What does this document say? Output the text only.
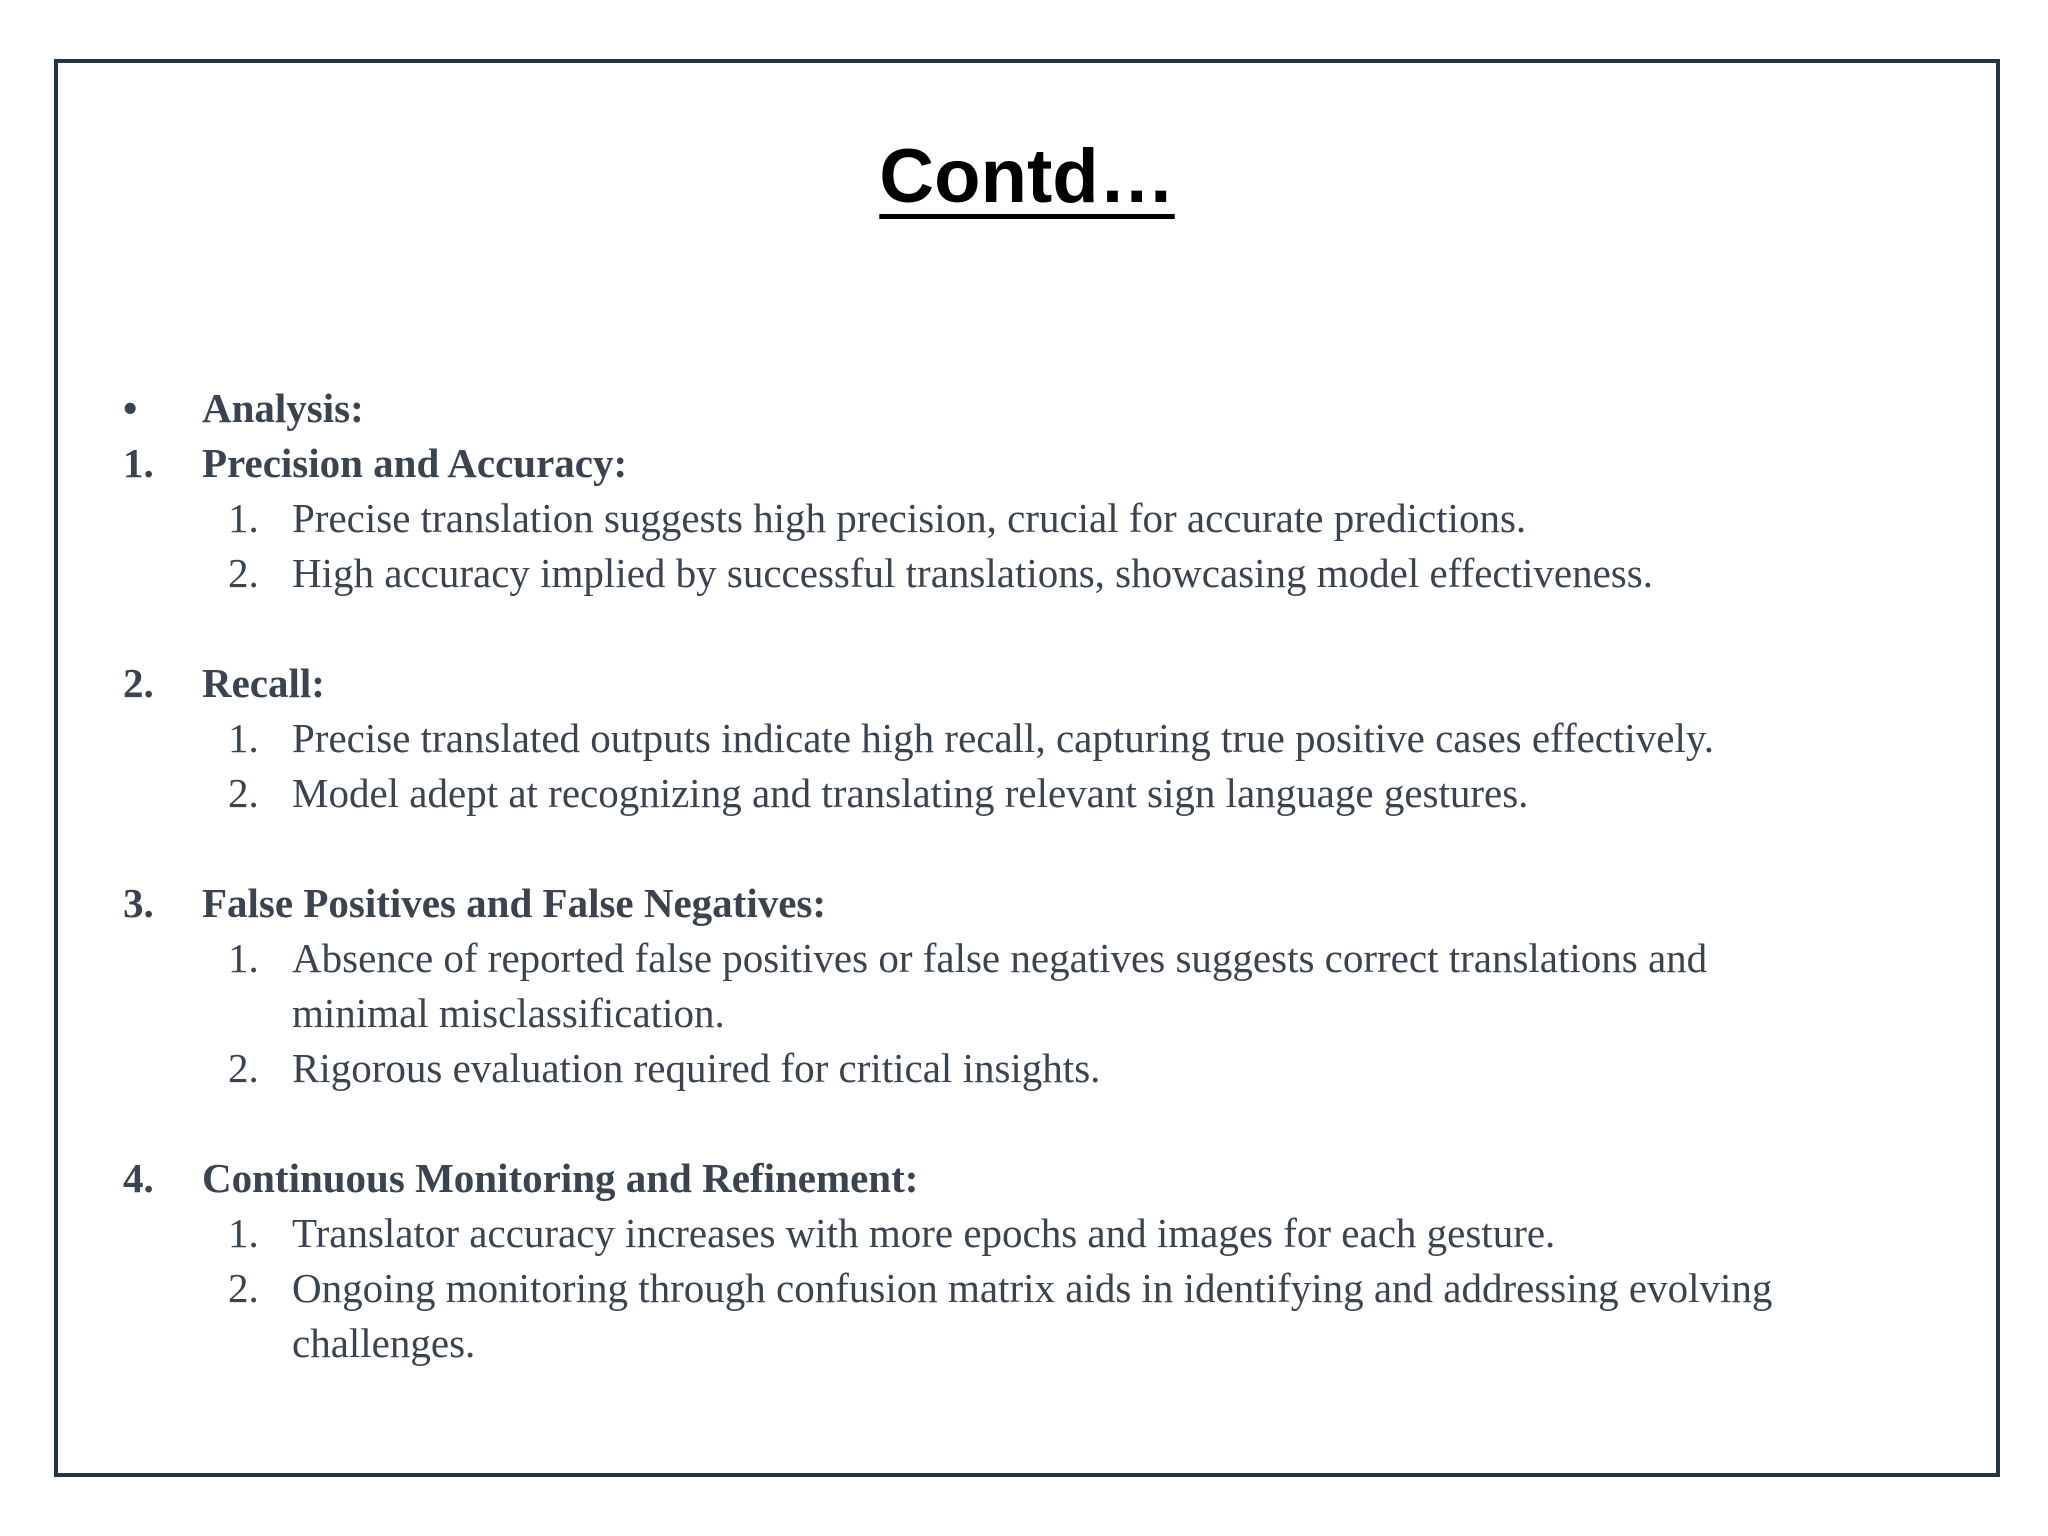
Contd…
• Analysis:
1. Precision and Accuracy:
1. Precise translation suggests high precision, crucial for accurate predictions.
2. High accuracy implied by successful translations, showcasing model effectiveness.
2. Recall:
1. Precise translated outputs indicate high recall, capturing true positive cases effectively.
2. Model adept at recognizing and translating relevant sign language gestures.
3. False Positives and False Negatives:
1. Absence of reported false positives or false negatives suggests correct translations and
minimal misclassification.
2. Rigorous evaluation required for critical insights.
4. Continuous Monitoring and Refinement:
1. Translator accuracy increases with more epochs and images for each gesture.
2. Ongoing monitoring through confusion matrix aids in identifying and addressing evolving
challenges.
